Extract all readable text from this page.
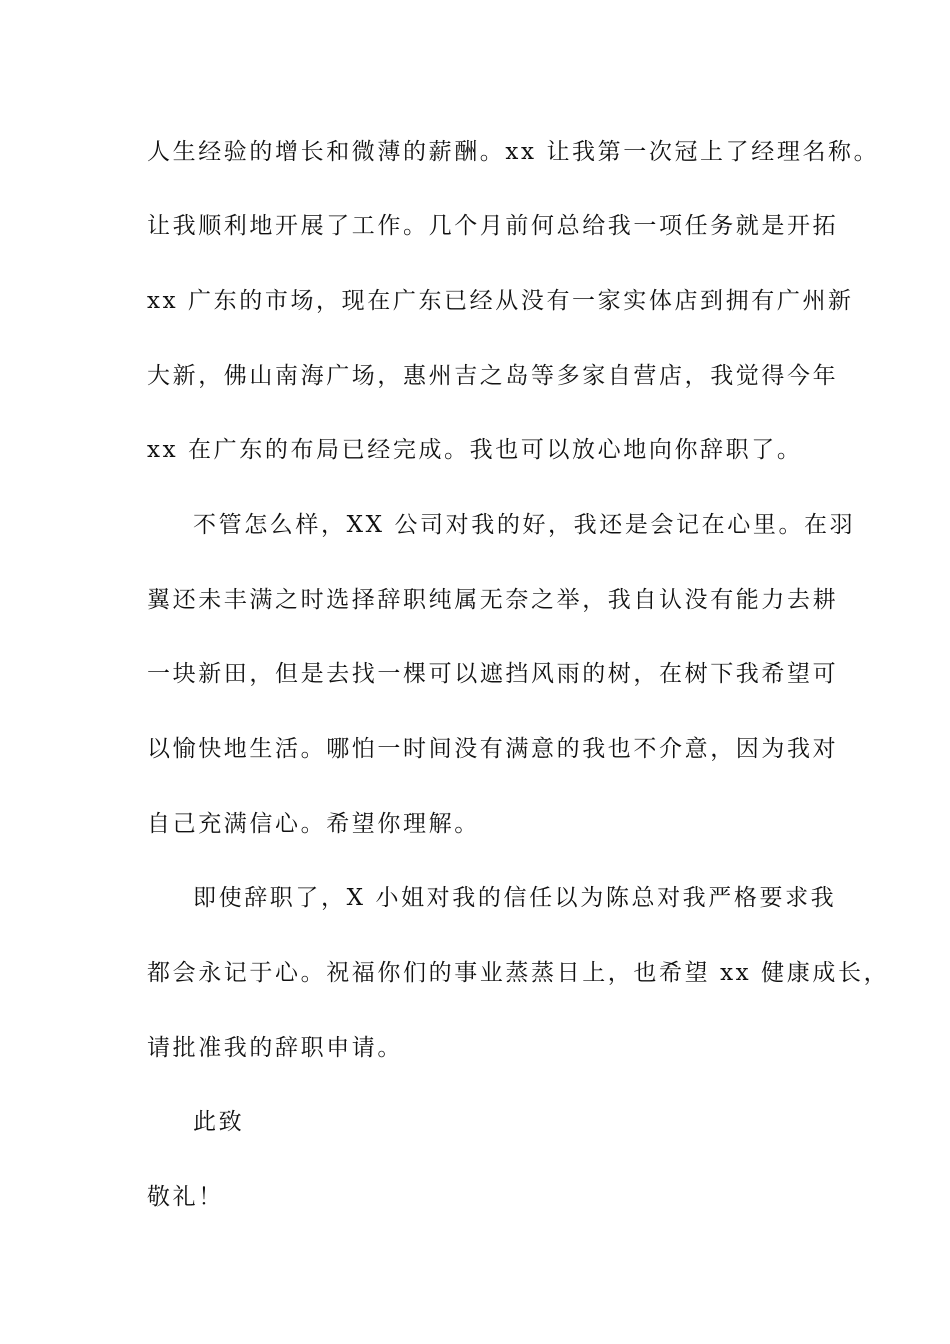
人生经验的增长和微薄的薪酬。xx 让我第一次冠上了经理名称。
让我顺利地开展了工作。几个月前何总给我一项任务就是开拓
xx 广东的市场，现在广东已经从没有一家实体店到拥有广州新
大新，佛山南海广场，惠州吉之岛等多家自营店，我觉得今年
xx 在广东的布局已经完成。我也可以放心地向你辞职了。
不管怎么样，XX 公司对我的好，我还是会记在心里。在羽
翼还未丰满之时选择辞职纯属无奈之举，我自认没有能力去耕
一块新田，但是去找一棵可以遮挡风雨的树，在树下我希望可
以愉快地生活。哪怕一时间没有满意的我也不介意，因为我对
自己充满信心。希望你理解。
即使辞职了，X 小姐对我的信任以为陈总对我严格要求我
都会永记于心。祝福你们的事业蒸蒸日上，也希望 xx 健康成长，
请批准我的辞职申请。
此致
敬礼！
